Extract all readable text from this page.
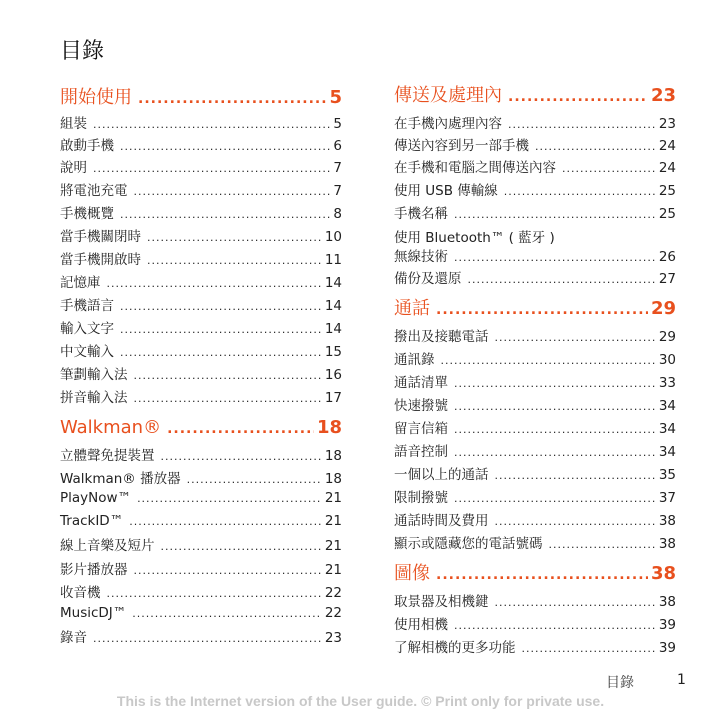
目錄
開始使用 .....	5
組裝 .....	5
啟動手機 .....	6
說明 .....	7
將電池充電 .....	7
手機概覽 .....	8
當手機關閉時 .....	10
當手機開啟時 .....	11
記憶庫 .....	14
手機語言 .....	14
輸入文字 .....	14
中文輸入 .....	15
筆劃輸入法 .....	16
拼音輸入法 .....	17
Walkman® .....	18
立體聲免提裝置 .....	18
Walkman® 播放器 .....	18
PlayNow™ .....	21
TrackID™ .....	21
線上音樂及短片 .....	21
影片播放器 .....	21
收音機 .....	22
MusicDJ™ .....	22
錄音 .....	23
傳送及處理內 .....	23
在手機內處理內容 .....	23
傳送內容到另一部手機 .....	24
在手機和電腦之間傳送內容 .....	24
使用 USB 傳輸線 .....	25
手機名稱 .....	25
使用 Bluetooth™ ( 藍牙 )
無線技術 .....	26
備份及還原 .....	27
通話 .....	29
撥出及接聽電話 .....	29
通訊錄 .....	30
通話清單 .....	33
快速撥號 .....	34
留言信箱 .....	34
語音控制 .....	34
一個以上的通話 .....	35
限制撥號 .....	37
通話時間及費用 .....	38
顯示或隱藏您的電話號碼 .....	38
圖像 .....	38
取景器及相機鍵 .....	38
使用相機 .....	39
了解相機的更多功能 .....	39
目錄	1
This is the Internet version of the User guide. © Print only for private use.
